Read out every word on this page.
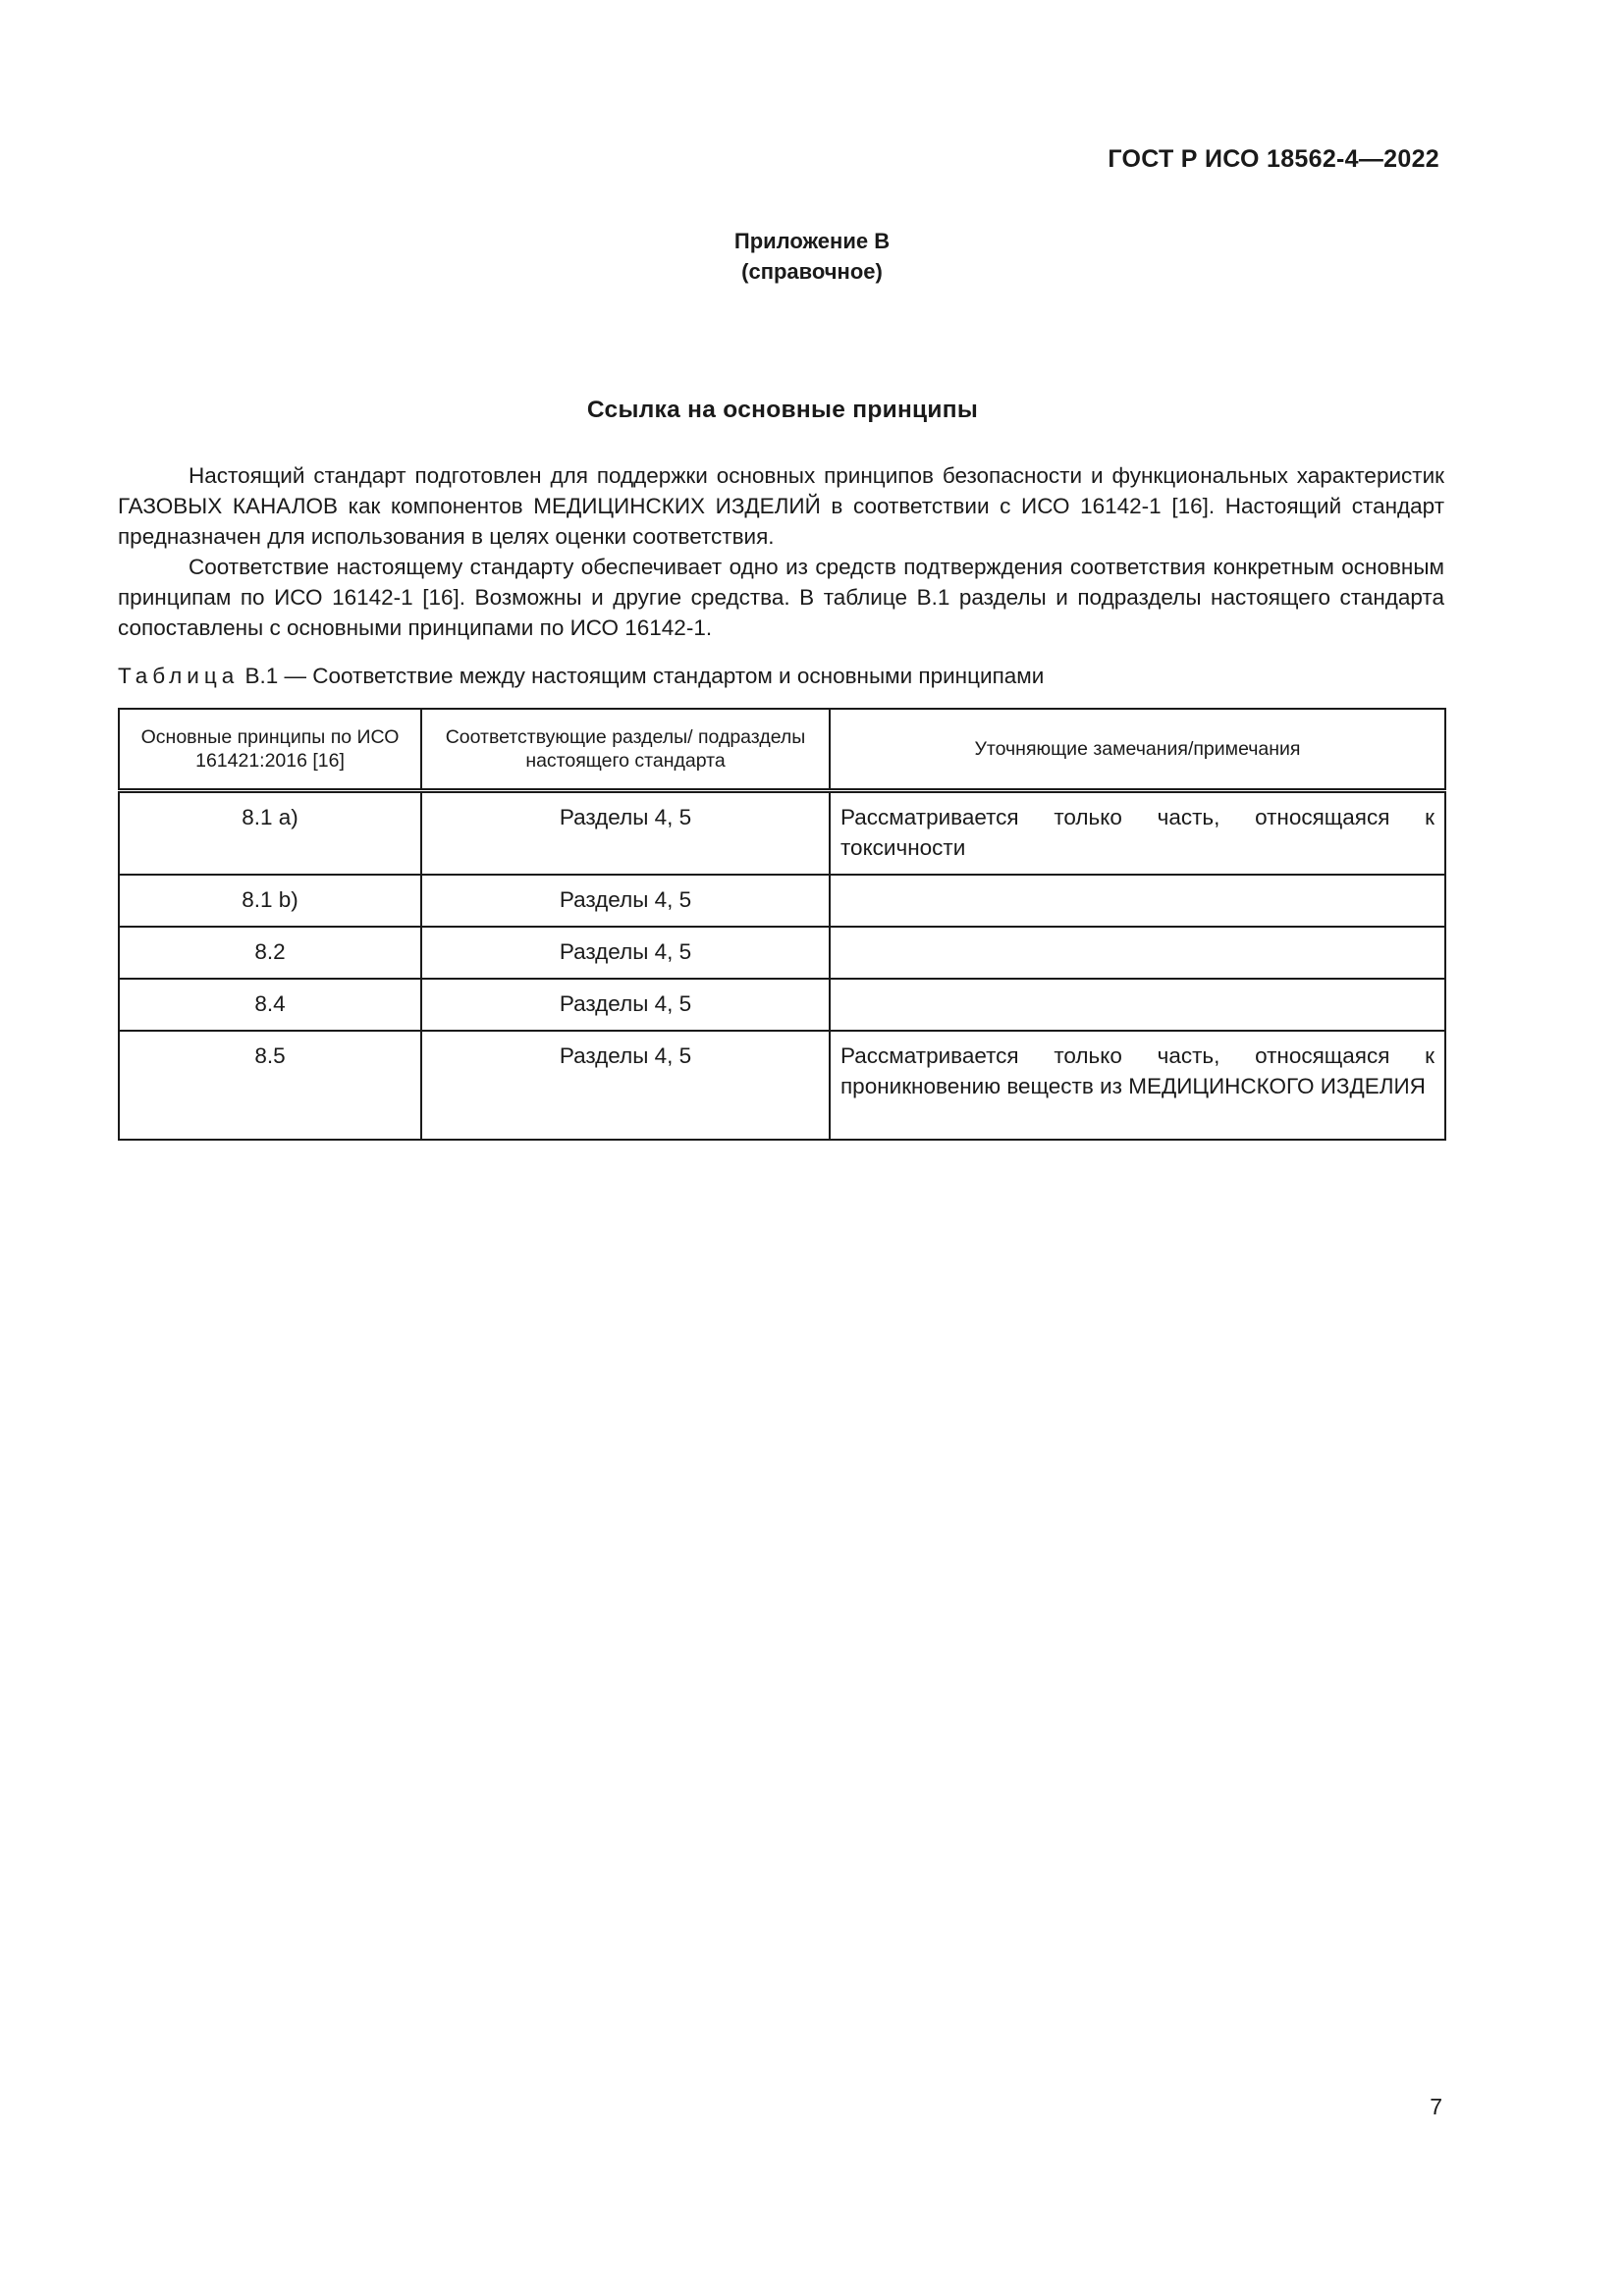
ГОСТ Р ИСО 18562-4—2022
Приложение В
(справочное)
Ссылка на основные принципы

Настоящий стандарт подготовлен для поддержки основных принципов безопасности и функциональных характеристик ГАЗОВЫХ КАНАЛОВ как компонентов МЕДИЦИНСКИХ ИЗДЕЛИЙ в соответствии с ИСО 16142-1 [16]. Настоящий стандарт предназначен для использования в целях оценки соответствия.

Соответствие настоящему стандарту обеспечивает одно из средств подтверждения соответствия конкретным основным принципам по ИСО 16142-1 [16]. Возможны и другие средства. В таблице В.1 разделы и подразделы настоящего стандарта сопоставлены с основными принципами по ИСО 16142-1.

Таблица В.1 — Соответствие между настоящим стандартом и основными принципами
Основные принципы по ИСО 161421:2016 [16]	Соответствующие разделы/ подразделы настоящего стандарта	Уточняющие замечания/примечания
8.1 а)	Разделы 4, 5	Рассматривается только часть, относящаяся к токсичности
8.1 b)	Разделы 4, 5	
8.2	Разделы 4, 5	
8.4	Разделы 4, 5	
8.5	Разделы 4, 5	Рассматривается только часть, относящаяся к проникновению веществ из МЕДИЦИНСКОГО ИЗДЕЛИЯ
7
